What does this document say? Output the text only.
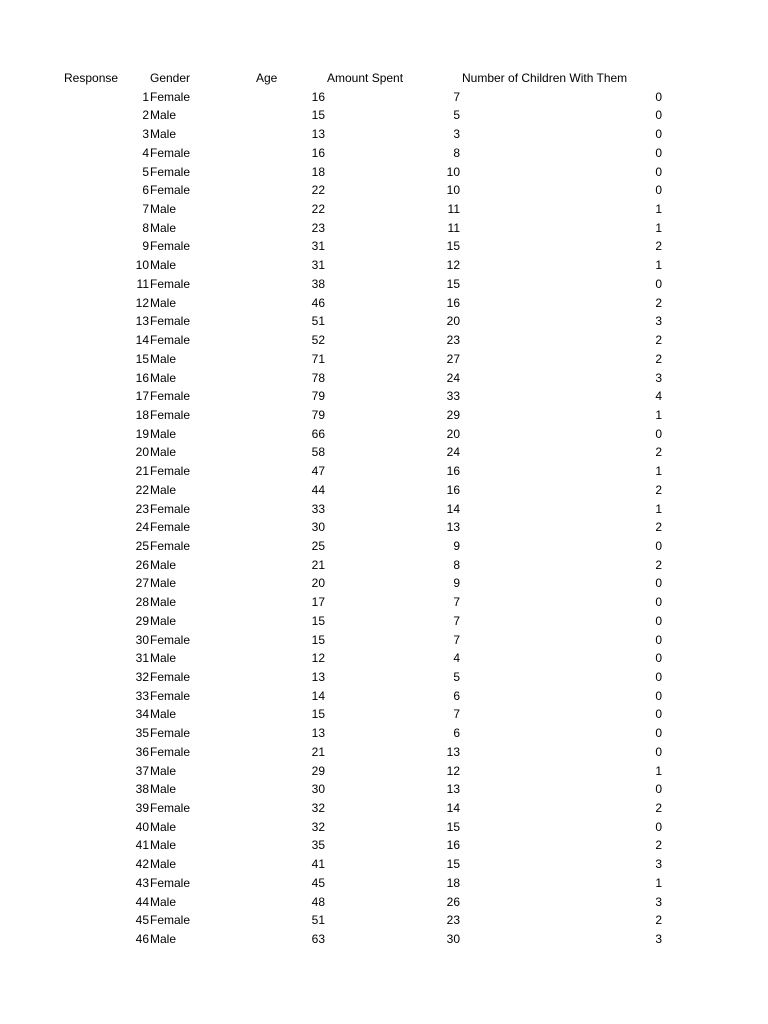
Response	Gender	Age	Amount Spent	Number of Children With Them
1 Female	16	7	0
2 Male	15	5	0
3 Male	13	3	0
4 Female	16	8	0
5 Female	18	10	0
6 Female	22	10	0
7 Male	22	11	1
8 Male	23	11	1
9 Female	31	15	2
10 Male	31	12	1
11 Female	38	15	0
12 Male	46	16	2
13 Female	51	20	3
14 Female	52	23	2
15 Male	71	27	2
16 Male	78	24	3
17 Female	79	33	4
18 Female	79	29	1
19 Male	66	20	0
20 Male	58	24	2
21 Female	47	16	1
22 Male	44	16	2
23 Female	33	14	1
24 Female	30	13	2
25 Female	25	9	0
26 Male	21	8	2
27 Male	20	9	0
28 Male	17	7	0
29 Male	15	7	0
30 Female	15	7	0
31 Male	12	4	0
32 Female	13	5	0
33 Female	14	6	0
34 Male	15	7	0
35 Female	13	6	0
36 Female	21	13	0
37 Male	29	12	1
38 Male	30	13	0
39 Female	32	14	2
40 Male	32	15	0
41 Male	35	16	2
42 Male	41	15	3
43 Female	45	18	1
44 Male	48	26	3
45 Female	51	23	2
46 Male	63	30	3
